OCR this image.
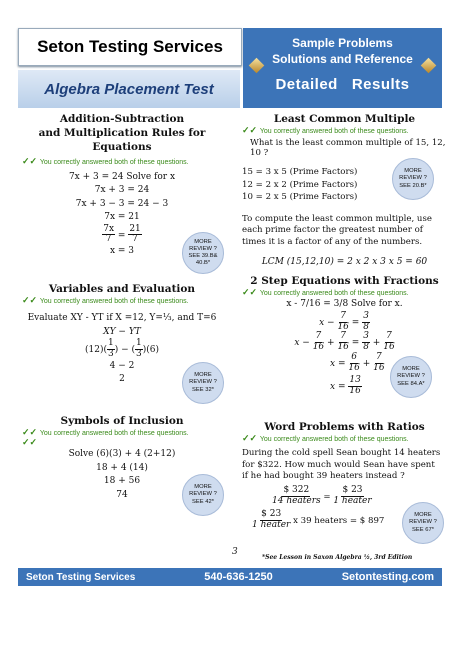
Seton Testing Services
Algebra Placement Test
Sample Problems
Solutions and Reference
Detailed   Results
Addition-Subtraction
and Multiplication Rules for Equations
✓✓ You correctly answered both of these questions.
7x + 3 = 24 Solve for x
7x + 3 = 24
7x + 3 − 3 = 24 − 3
7x = 21
$\frac{7x}{7} = \frac{21}{7}$
x = 3
MORE REVIEW ? SEE 39.B& 40.B*
Variables and Evaluation
✓✓ You correctly answered both of these questions.
Evaluate XY - YT if X =12, Y=⅓, and T=6
XY − YT
$(12)( \frac{1}{3}$ ) − ( $\frac{1}{3} )(6)$
4 − 2
2	MORE REVIEW ? SEE 32*
Symbols of Inclusion
✓✓ You correctly answered both of these questions.
✓✓
Solve (6)(3) + 4 (2+12)
18 + 4 (14)
18 + 56
74
MORE REVIEW ? SEE 42*
Least Common Multiple
✓✓ You correctly answered both of these questions.
What is the least common multiple of 15, 12, 10 ?
15 = 3 x 5 (Prime Factors)
12 = 2 x 2 (Prime Factors)
10 = 2 x 5 (Prime Factors)
To compute the least common multiple, use each prime factor the greatest number of times it is a factor of any of the numbers.
LCM (15,12,10) = 2 x 2 x 3 x 5 = 60
MORE REVIEW ? SEE 20.B*
2 Step Equations with Fractions
✓✓ You correctly answered both of these questions.
x - 7/16 = 3/8 Solve for x.
$x - \frac{7}{16} = \frac{3}{8}$
$x - \frac{7}{16} + \frac{7}{16} = \frac{3}{8} + \frac{7}{16}$
$x = \frac{6}{16} + \frac{7}{16}$
$x = \frac{13}{16}$
MORE REVIEW ? SEE 84.A*
Word Problems with Ratios
✓✓ You correctly answered both of these questions.
During the cold spell Sean bought 14 heaters for $322. How much would Sean have spent if he had bought 39 heaters instead ?
$\frac{\$ 322}{\text{14 heaters}} = \frac{\$ 23}{\text{1 heater}}$
$\frac{\$ 23}{\text{1 heater}}$ x 39 heaters = $ 897
MORE REVIEW ? SEE 67*
3
*See Lesson in Saxon Algebra ½, 3rd Edition
Seton Testing Services	540-636-1250	Setontesting.com
